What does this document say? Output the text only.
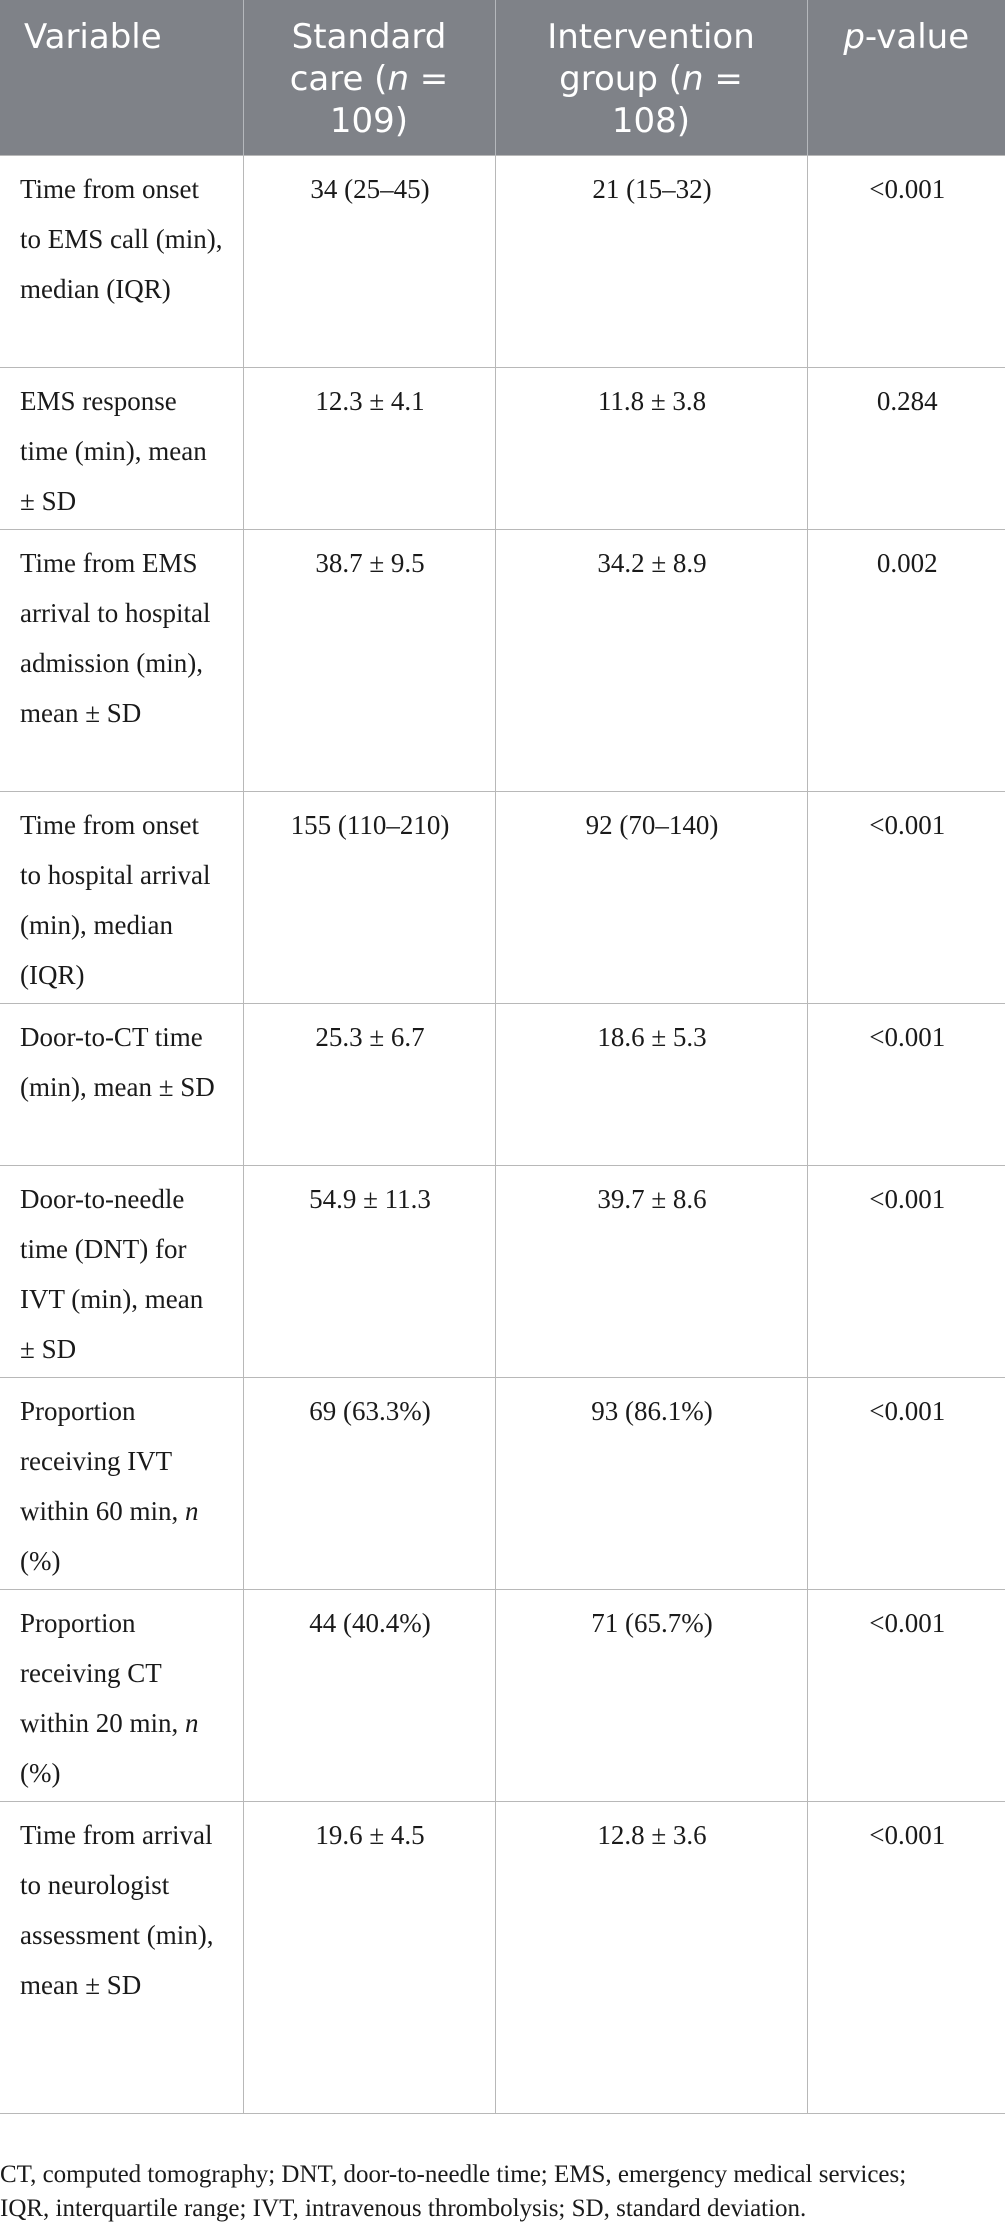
Variable	Standard care (n = 109)	Intervention group (n = 108)	p-value
Time from onset to EMS call (min), median (IQR)	34 (25–45)	21 (15–32)	<0.001
EMS response time (min), mean ± SD	12.3 ± 4.1	11.8 ± 3.8	0.284
Time from EMS arrival to hospital admission (min), mean ± SD	38.7 ± 9.5	34.2 ± 8.9	0.002
Time from onset to hospital arrival (min), median (IQR)	155 (110–210)	92 (70–140)	<0.001
Door-to-CT time (min), mean ± SD	25.3 ± 6.7	18.6 ± 5.3	<0.001
Door-to-needle time (DNT) for IVT (min), mean ± SD	54.9 ± 11.3	39.7 ± 8.6	<0.001
Proportion receiving IVT within 60 min, n (%)	69 (63.3%)	93 (86.1%)	<0.001
Proportion receiving CT within 20 min, n (%)	44 (40.4%)	71 (65.7%)	<0.001
Time from arrival to neurologist assessment (min), mean ± SD	19.6 ± 4.5	12.8 ± 3.6	<0.001

CT, computed tomography; DNT, door-to-needle time; EMS, emergency medical services;
IQR, interquartile range; IVT, intravenous thrombolysis; SD, standard deviation.
